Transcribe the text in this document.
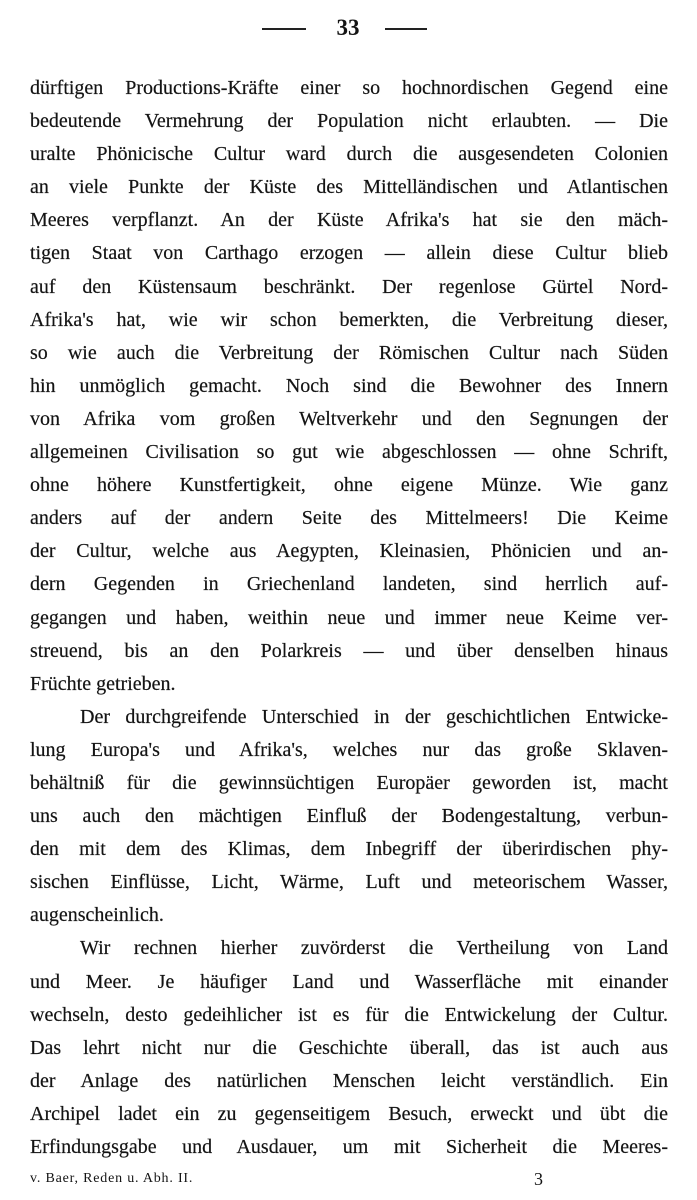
33
dürftigen Productions-Kräfte einer so hochnordischen Gegend eine
bedeutende Vermehrung der Population nicht erlaubten. — Die
uralte Phönicische Cultur ward durch die ausgesendeten Colonien
an viele Punkte der Küste des Mittelländischen und Atlantischen
Meeres verpflanzt. An der Küste Afrika's hat sie den mäch-
tigen Staat von Carthago erzogen — allein diese Cultur blieb
auf den Küstensaum beschränkt. Der regenlose Gürtel Nord-
Afrika's hat, wie wir schon bemerkten, die Verbreitung dieser,
so wie auch die Verbreitung der Römischen Cultur nach Süden
hin unmöglich gemacht. Noch sind die Bewohner des Innern
von Afrika vom großen Weltverkehr und den Segnungen der
allgemeinen Civilisation so gut wie abgeschlossen — ohne Schrift,
ohne höhere Kunstfertigkeit, ohne eigene Münze. Wie ganz
anders auf der andern Seite des Mittelmeers! Die Keime
der Cultur, welche aus Aegypten, Kleinasien, Phönicien und an-
dern Gegenden in Griechenland landeten, sind herrlich auf-
gegangen und haben, weithin neue und immer neue Keime ver-
streuend, bis an den Polarkreis — und über denselben hinaus
Früchte getrieben.
Der durchgreifende Unterschied in der geschichtlichen Entwicke-
lung Europa's und Afrika's, welches nur das große Sklaven-
behältniß für die gewinnsüchtigen Europäer geworden ist, macht
uns auch den mächtigen Einfluß der Bodengestaltung, verbun-
den mit dem des Klimas, dem Inbegriff der überirdischen phy-
sischen Einflüsse, Licht, Wärme, Luft und meteorischem Wasser,
augenscheinlich.
Wir rechnen hierher zuvörderst die Vertheilung von Land
und Meer. Je häufiger Land und Wasserfläche mit einander
wechseln, desto gedeihlicher ist es für die Entwickelung der Cultur.
Das lehrt nicht nur die Geschichte überall, das ist auch aus
der Anlage des natürlichen Menschen leicht verständlich. Ein
Archipel ladet ein zu gegenseitigem Besuch, erweckt und übt die
Erfindungsgabe und Ausdauer, um mit Sicherheit die Meeres-
v. Baer, Reden u. Abh. II.	3
